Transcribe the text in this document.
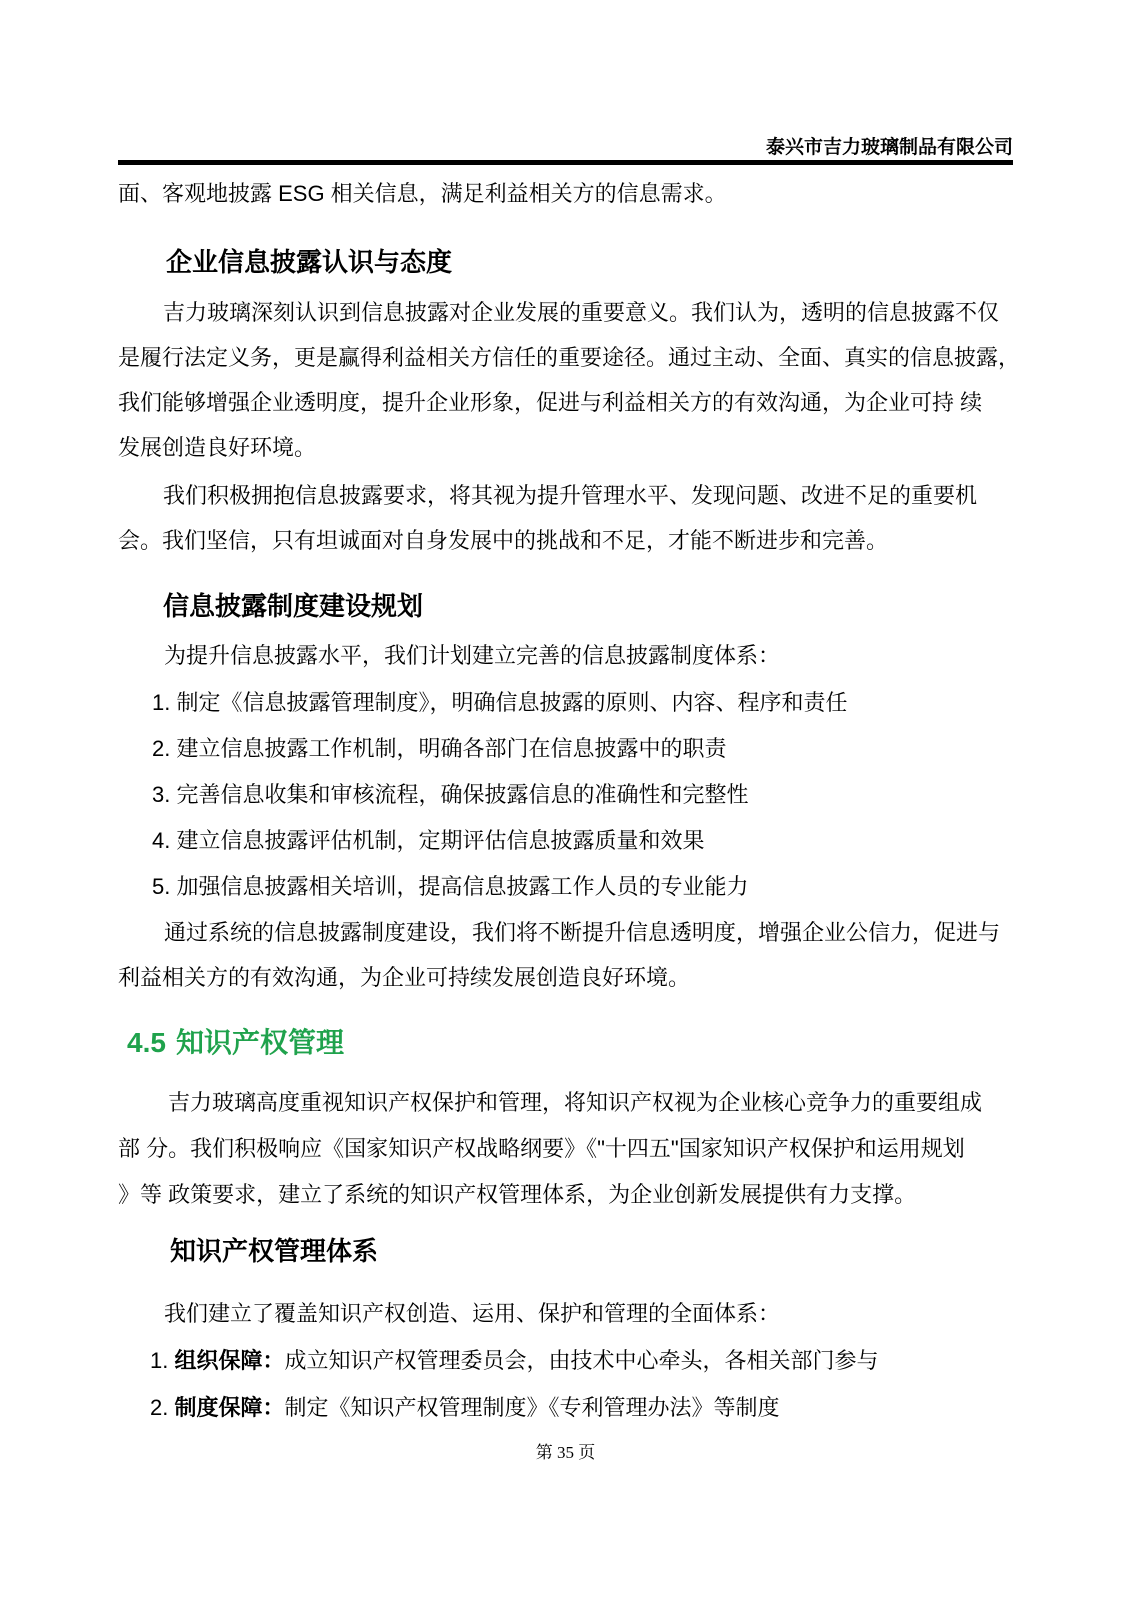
泰兴市吉力玻璃制品有限公司
面、客观地披露 ESG 相关信息，满足利益相关方的信息需求。
企业信息披露认识与态度
吉力玻璃深刻认识到信息披露对企业发展的重要意义。我们认为，透明的信息披露不仅
是履行法定义务，更是赢得利益相关方信任的重要途径。通过主动、全面、真实的信息披露，
我们能够增强企业透明度，提升企业形象，促进与利益相关方的有效沟通，为企业可持 续
发展创造良好环境。
我们积极拥抱信息披露要求，将其视为提升管理水平、发现问题、改进不足的重要机
会。我们坚信，只有坦诚面对自身发展中的挑战和不足，才能不断进步和完善。
信息披露制度建设规划
为提升信息披露水平，我们计划建立完善的信息披露制度体系：
1. 制定《信息披露管理制度》，明确信息披露的原则、内容、程序和责任
2. 建立信息披露工作机制，明确各部门在信息披露中的职责
3. 完善信息收集和审核流程，确保披露信息的准确性和完整性
4. 建立信息披露评估机制，定期评估信息披露质量和效果
5. 加强信息披露相关培训，提高信息披露工作人员的专业能力
通过系统的信息披露制度建设，我们将不断提升信息透明度，增强企业公信力，促进与
利益相关方的有效沟通，为企业可持续发展创造良好环境。
4.5 知识产权管理
吉力玻璃高度重视知识产权保护和管理，将知识产权视为企业核心竞争力的重要组成
部 分。我们积极响应《国家知识产权战略纲要》《"十四五"国家知识产权保护和运用规划
》等 政策要求，建立了系统的知识产权管理体系，为企业创新发展提供有力支撑。
知识产权管理体系
我们建立了覆盖知识产权创造、运用、保护和管理的全面体系：
1. 组织保障：成立知识产权管理委员会，由技术中心牵头，各相关部门参与
2. 制度保障：制定《知识产权管理制度》《专利管理办法》等制度
第 35 页
